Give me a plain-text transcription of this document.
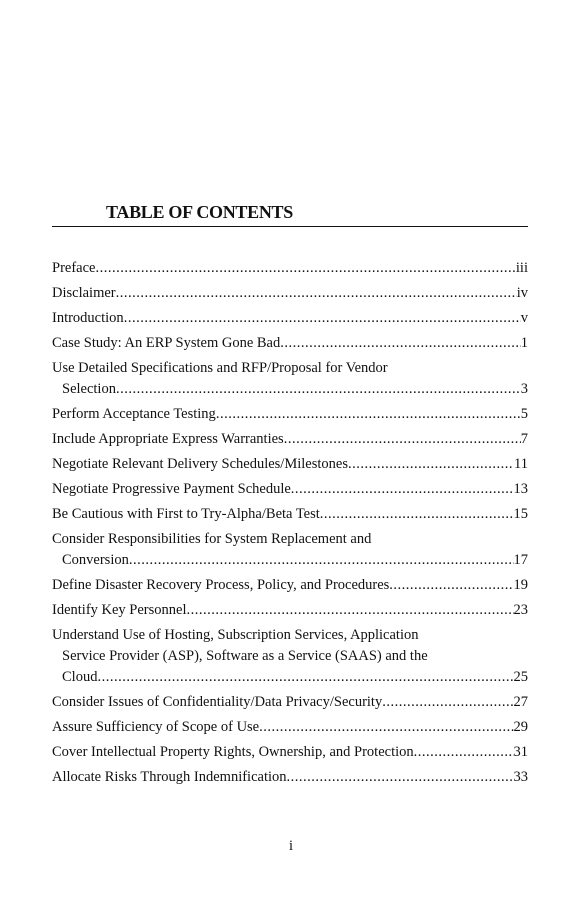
TABLE OF CONTENTS
Preface .....	iii
Disclaimer .....	iv
Introduction .....	v
Case Study: An ERP System Gone Bad .....	1
Use Detailed Specifications and RFP/Proposal for Vendor
Selection .....	3
Perform Acceptance Testing .....	5
Include Appropriate Express Warranties .....	7
Negotiate Relevant Delivery Schedules/Milestones .....	11
Negotiate Progressive Payment Schedule .....	13
Be Cautious with First to Try-Alpha/Beta Test .....	15
Consider Responsibilities for System Replacement and
Conversion .....	17
Define Disaster Recovery Process, Policy, and Procedures .....	19
Identify Key Personnel .....	23
Understand Use of Hosting, Subscription Services, Application
Service Provider (ASP), Software as a Service (SAAS) and the
Cloud .....	25
Consider Issues of Confidentiality/Data Privacy/Security .....	27
Assure Sufficiency of Scope of Use .....	29
Cover Intellectual Property Rights, Ownership, and Protection .....	31
Allocate Risks Through Indemnification .....	33
i
